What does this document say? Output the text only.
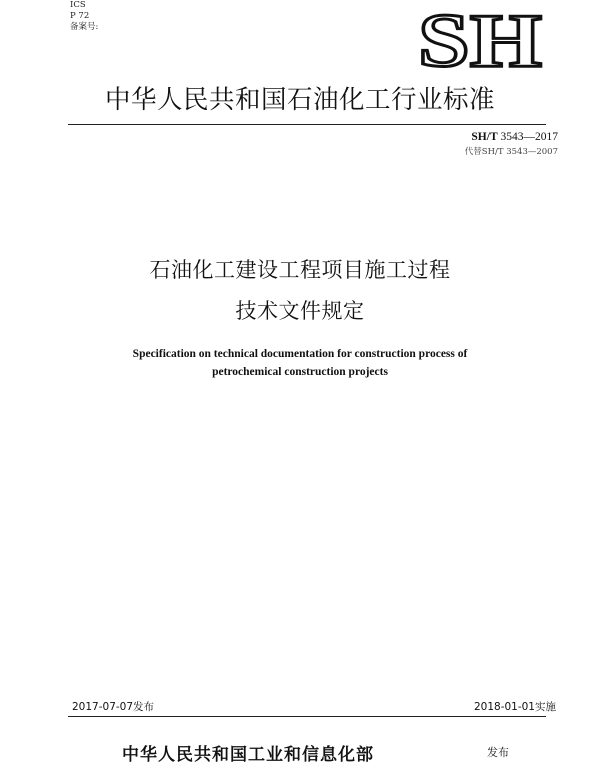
ICS
P 72
备案号:	SH
中华人民共和国石油化工行业标准
SH/T 3543—2017
代替SH/T 3543—2007
石油化工建设工程项目施工过程
技术文件规定
Specification on technical documentation for construction process of
petrochemical construction projects
2017-07-07发布	2018-01-01实施
中华人民共和国工业和信息化部	发布
